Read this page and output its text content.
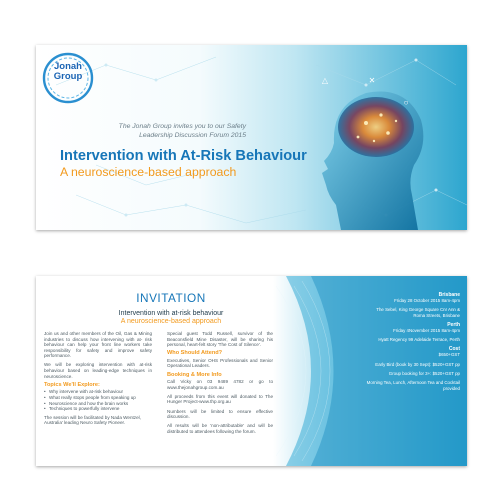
Jonah
Group	△	✕
○
The Jonah Group invites you to our Safety Leadership Discussion Forum 2015
Intervention with At-Risk Behaviour
A neuroscience-based approach
INVITATION
Intervention with at-risk behaviour
A neuroscience-based approach

Join us and other members of the Oil, Gas & Mining industries to discuss how intervening with at- risk behaviour can help your front line workers take responsibility for safety and improve safety performance.

We will be exploring intervention with at-risk behaviour based on leading-edge techniques in neuroscience.

Topics We'll Explore:
• Why intervene with at-risk behaviour
• What really stops people from speaking up
• Neuroscience and how the brain works
• Techniques to powerfully intervene

The session will be facilitated by Nada Wentzel, Australia' leading Neuro Safety Pioneer.

Special guest Todd Russell, survivor of the Beaconsfield Mine Disaster, will be sharing his personal, heart-felt story 'The Cost of Silence'.

Who Should Attend?

Executives, Senior OHS Professionals and Senior Operational Leaders.

Booking & More Info

Call Vicky on 03 9489 4782 or go to www.thejonahgroup.com.au

All proceeds from this event will donated to The Hunger Project-www.thp.org.au

Numbers will be limited to ensure effective discussion.

All results will be 'non-attributable' and will be distributed to attendees following the forum.

Brisbane
Friday 28 October 2015 8am-4pm
The Sebel, King George Square Cnr Ann & Roma Streets, Brisbane
Perth
Friday 4November 2015 8am-4pm
Hyatt Regency 99 Adelaide Terrace, Perth
Cost
$650+GST
Early Bird (book by 30 Sept): $520+GST pp
Group booking for 3+: $520+GST pp
Morning Tea, Lunch, Afternoon Tea and Cocktail provided
